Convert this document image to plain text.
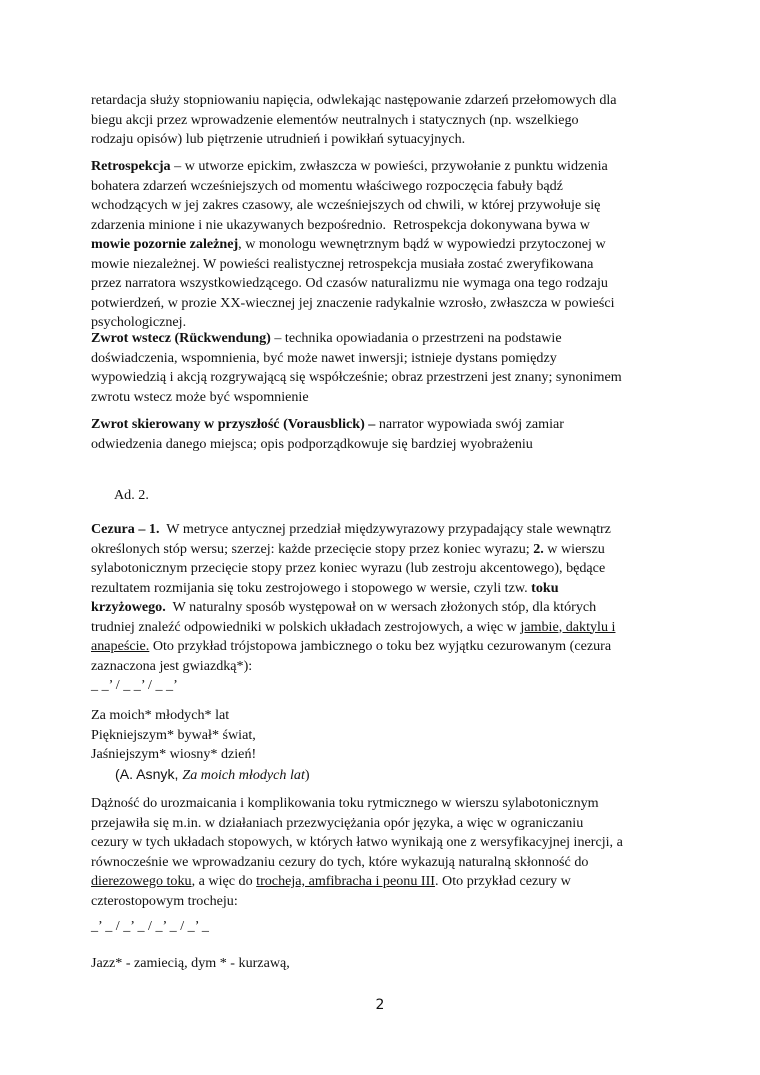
retardacja służy stopniowaniu napięcia, odwlekając następowanie zdarzeń przełomowych dla
biegu akcji przez wprowadzenie elementów neutralnych i statycznych (np. wszelkiego
rodzaju opisów) lub piętrzenie utrudnień i powikłań sytuacyjnych.
Retrospekcja – w utworze epickim, zwłaszcza w powieści, przywołanie z punktu widzenia
bohatera zdarzeń wcześniejszych od momentu właściwego rozpoczęcia fabuły bądź
wchodzących w jej zakres czasowy, ale wcześniejszych od chwili, w której przywołuje się
zdarzenia minione i nie ukazywanych bezpośrednio.  Retrospekcja dokonywana bywa w
mowie pozornie zależnej, w monologu wewnętrznym bądź w wypowiedzi przytoczonej w
mowie niezależnej. W powieści realistycznej retrospekcja musiała zostać zweryfikowana
przez narratora wszystkowiedzącego. Od czasów naturalizmu nie wymaga ona tego rodzaju
potwierdzeń, w prozie XX-wiecznej jej znaczenie radykalnie wzrosło, zwłaszcza w powieści
psychologicznej.
Zwrot wstecz (Rückwendung) – technika opowiadania o przestrzeni na podstawie
doświadczenia, wspomnienia, być może nawet inwersji; istnieje dystans pomiędzy
wypowiedzią i akcją rozgrywającą się współcześnie; obraz przestrzeni jest znany; synonimem
zwrotu wstecz może być wspomnienie
Zwrot skierowany w przyszłość (Vorausblick) – narrator wypowiada swój zamiar
odwiedzenia danego miejsca; opis podporządkowuje się bardziej wyobrażeniu
Ad. 2.
Cezura – 1.  W metryce antycznej przedział międzywyrazowy przypadający stale wewnątrz
określonych stóp wersu; szerzej: każde przecięcie stopy przez koniec wyrazu; 2. w wierszu
sylabotonicznym przecięcie stopy przez koniec wyrazu (lub zestroju akcentowego), będące
rezultatem rozmijania się toku zestrojowego i stopowego w wersie, czyli tzw. toku
krzyżowego.  W naturalny sposób występował on w wersach złożonych stóp, dla których
trudniej znaleźć odpowiedniki w polskich układach zestrojowych, a więc w jambie, daktylu i
anapeście. Oto przykład trójstopowa jambicznego o toku bez wyjątku cezurowanym (cezura
zaznaczona jest gwiazdką*):
_ _’ / _ _’ / _ _’
Za moich* młodych* lat
Piękniejszym* bywał* świat,
Jaśniejszym* wiosny* dzień!
(A. Asnyk, Za moich młodych lat)
Dążność do urozmaicania i komplikowania toku rytmicznego w wierszu sylabotonicznym
przejawiła się m.in. w działaniach przezwyciężania opór języka, a więc w ograniczaniu
cezury w tych układach stopowych, w których łatwo wynikają one z wersyfikacyjnej inercji, a
równocześnie we wprowadzaniu cezury do tych, które wykazują naturalną skłonność do
dierezowego toku, a więc do trocheja, amfibracha i peonu III. Oto przykład cezury w
czterostopowym trocheju:
_’ _ / _’ _ / _’ _ / _’ _
Jazz* - zamiecią, dym * - kurzawą,
2
